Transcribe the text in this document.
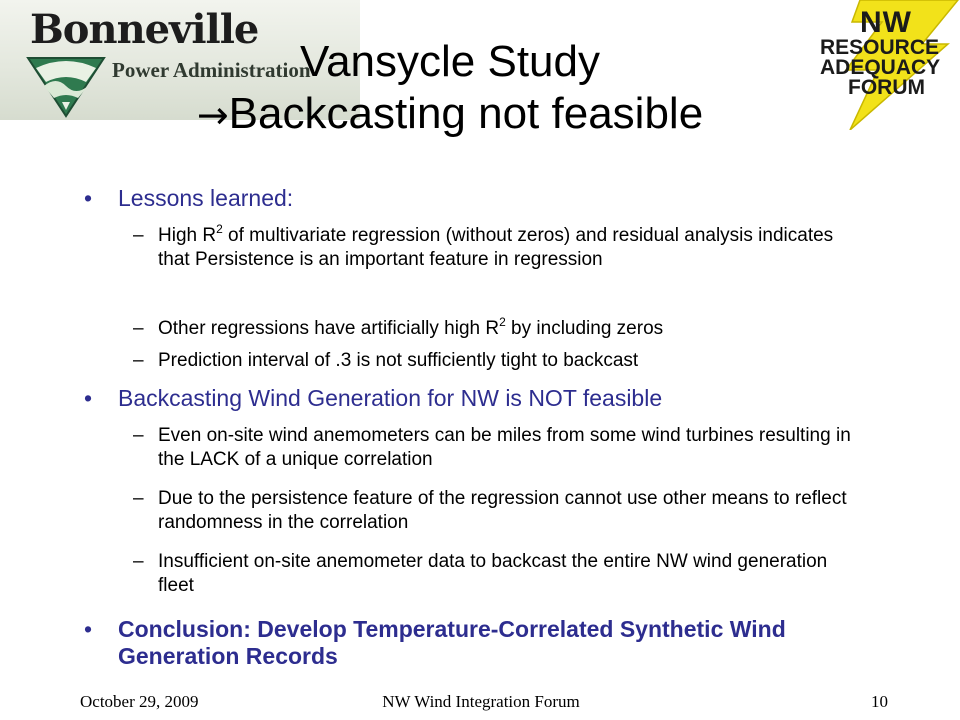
Bonneville
Power Administration
NW
RESOURCE
ADEQUACY
FORUM
Vansycle Study
→Backcasting not feasible
• Lessons learned:
– High $R^2$ of multivariate regression (without zeros) and residual analysis indicates that Persistence is an important feature in regression
– Other regressions have artificially high $R^2$ by including zeros
– Prediction interval of .3 is not sufficiently tight to backcast
• Backcasting Wind Generation for NW is NOT feasible
– Even on-site wind anemometers can be miles from some wind turbines resulting in the LACK of a unique correlation
– Due to the persistence feature of the regression cannot use other means to reflect randomness in the correlation
– Insufficient on-site anemometer data to backcast the entire NW wind generation fleet
• Conclusion: Develop Temperature-Correlated Synthetic Wind Generation Records
October 29, 2009	NW Wind Integration Forum	10
